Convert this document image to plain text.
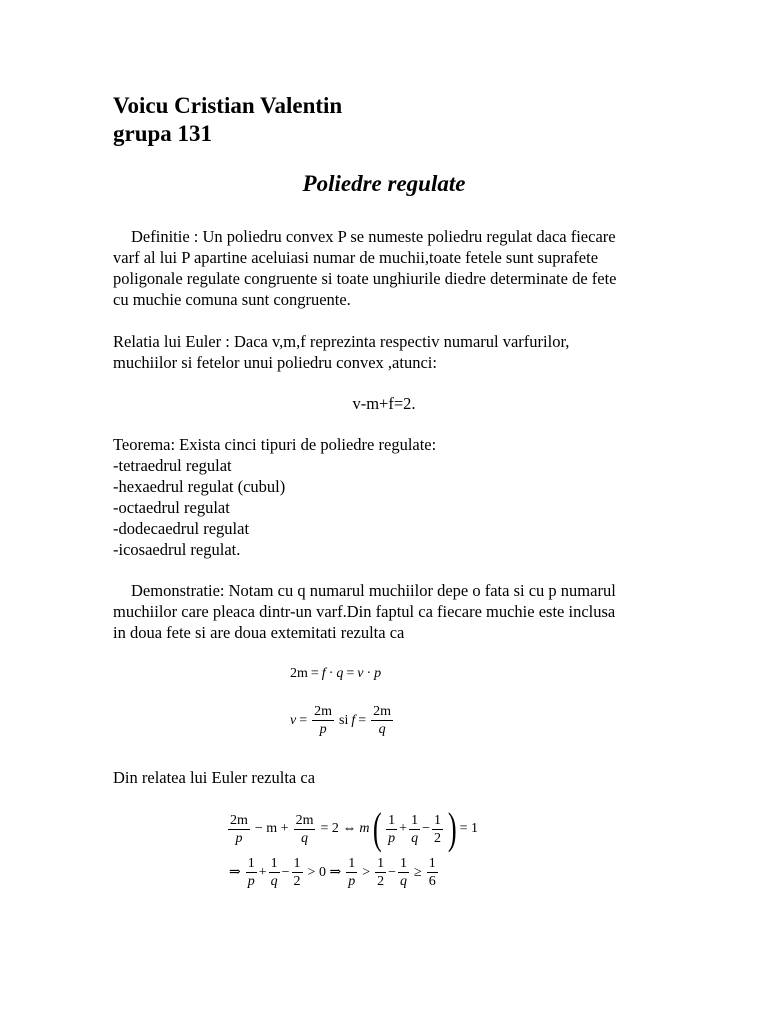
Voicu Cristian Valentin
grupa 131
Poliedre regulate
Definitie : Un poliedru convex P se numeste poliedru regulat daca fiecare
varf al lui P apartine aceluiasi numar de muchii,toate fetele sunt suprafete
poligonale regulate congruente si toate unghiurile diedre determinate de fete
cu muchie comuna sunt congruente.
Relatia lui Euler : Daca v,m,f reprezinta respectiv numarul varfurilor,
muchiilor si fetelor unui poliedru convex ,atunci:
v-m+f=2.
Teorema: Exista cinci tipuri de poliedre regulate:
-tetraedrul regulat
-hexaedrul regulat (cubul)
-octaedrul regulat
-dodecaedrul regulat
-icosaedrul regulat.
Demonstratie: Notam cu q numarul muchiilor depe o fata si cu p numarul
muchiilor care pleaca dintr-un varf.Din faptul ca fiecare muchie este inclusa
in doua fete si are doua extemitati rezulta ca
2m = f · q = v · p
$v = \frac{2m}{p}$ si $f = \frac{2m}{q}$
Din relatea lui Euler rezulta ca
$\frac{2m}{p} - m + \frac{2m}{q} = 2$ ⇔ m ( $\frac{1}{p} + \frac{1}{q} - \frac{1}{2}$ ) = 1
⇒ $\frac{1}{p} + \frac{1}{q} - \frac{1}{2} > 0$ ⇒ $\frac{1}{p} > \frac{1}{2} - \frac{1}{q} \ge \frac{1}{6}$
